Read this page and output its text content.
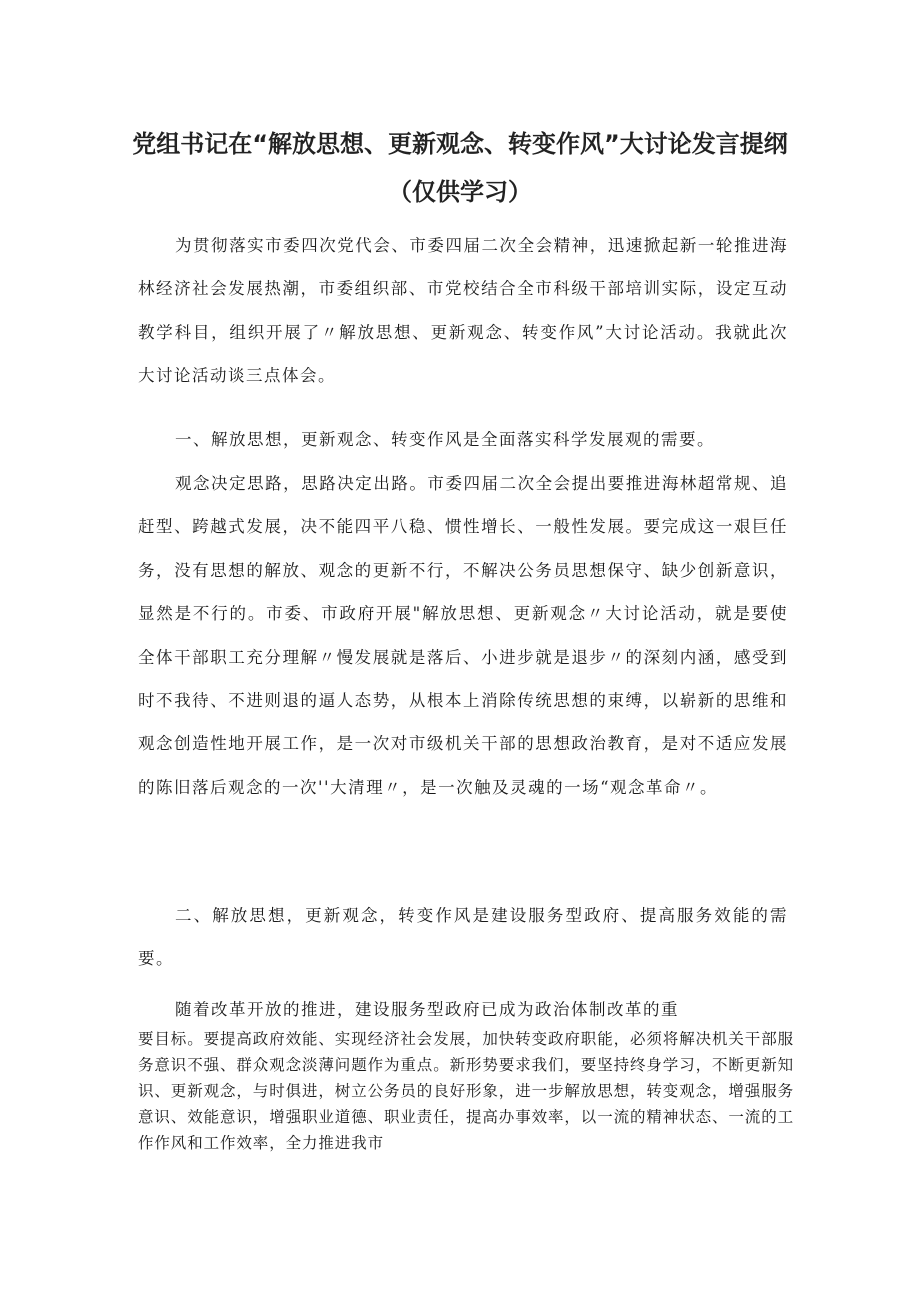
党组书记在“解放思想、更新观念、转变作风”大讨论发言提纲
（仅供学习）

为贯彻落实市委四次党代会、市委四届二次全会精神，迅速掀起新一轮推进海林经济社会发展热潮，市委组织部、市党校结合全市科级干部培训实际，设定互动教学科目，组织开展了〃解放思想、更新观念、转变作风”大讨论活动。我就此次大讨论活动谈三点体会。

一、解放思想，更新观念、转变作风是全面落实科学发展观的需要。

观念决定思路，思路决定出路。市委四届二次全会提出要推进海林超常规、追赶型、跨越式发展，决不能四平八稳、惯性增长、一般性发展。要完成这一艰巨任务，没有思想的解放、观念的更新不行，不解决公务员思想保守、缺少创新意识，显然是不行的。市委、市政府开展"解放思想、更新观念〃大讨论活动，就是要使全体干部职工充分理解〃慢发展就是落后、小进步就是退步〃的深刻内涵，感受到时不我待、不进则退的逼人态势，从根本上消除传统思想的束缚，以崭新的思维和观念创造性地开展工作，是一次对市级机关干部的思想政治教育，是对不适应发展的陈旧落后观念的一次''大清理〃，是一次触及灵魂的一场“观念革命〃。

二、解放思想，更新观念，转变作风是建设服务型政府、提高服务效能的需要。

随着改革开放的推进，建设服务型政府已成为政治体制改革的重

要目标。要提高政府效能、实现经济社会发展，加快转变政府职能，必须将解决机关干部服务意识不强、群众观念淡薄问题作为重点。新形势要求我们，要坚持终身学习，不断更新知识、更新观念，与时俱进，树立公务员的良好形象，进一步解放思想，转变观念，增强服务意识、效能意识，增强职业道德、职业责任，提高办事效率，以一流的精神状态、一流的工作作风和工作效率，全力推进我市
